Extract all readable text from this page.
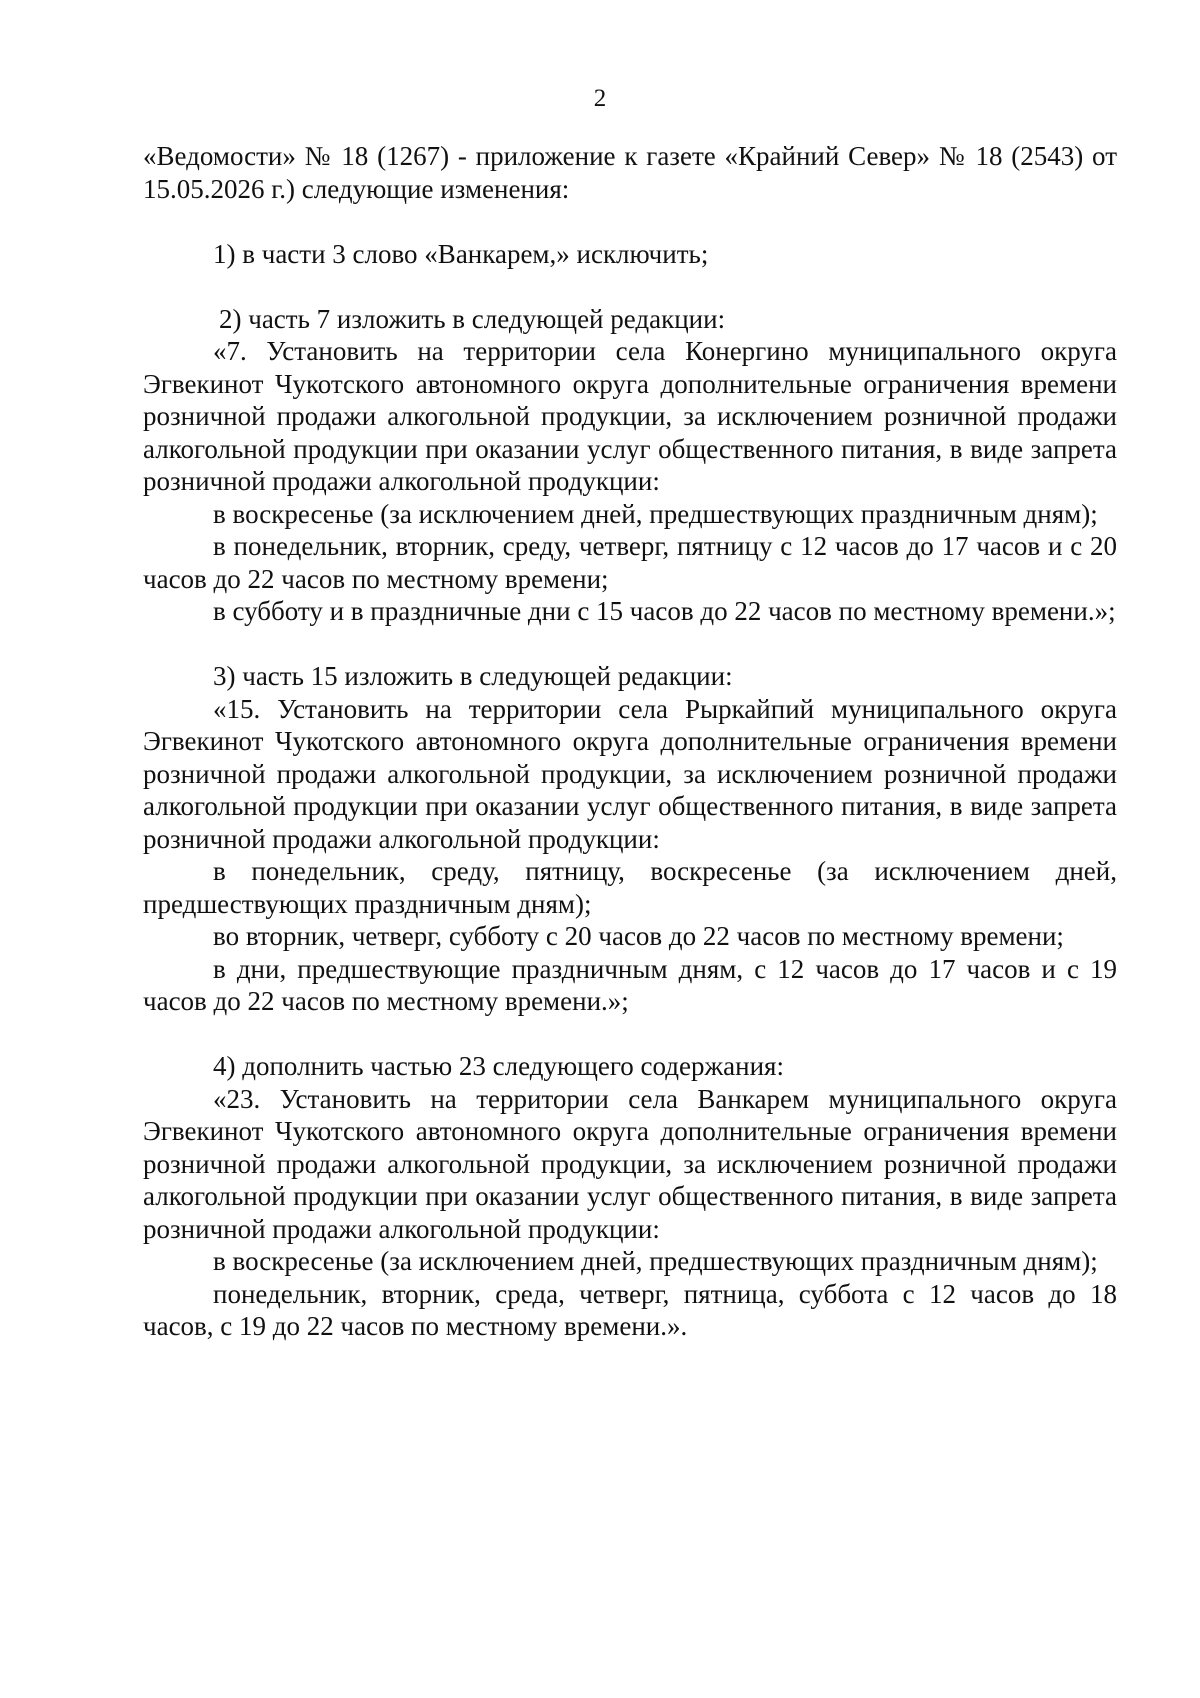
2

«Ведомости» № 18 (1267) - приложение к газете «Крайний Север» № 18 (2543) от 15.05.2026 г.) следующие изменения:

1) в части 3 слово «Ванкарем,» исключить;

2) часть 7 изложить в следующей редакции:

«7. Установить на территории села Конергино муниципального округа Эгвекинот Чукотского автономного округа дополнительные ограничения времени розничной продажи алкогольной продукции, за исключением розничной продажи алкогольной продукции при оказании услуг общественного питания, в виде запрета розничной продажи алкогольной продукции:

в воскресенье (за исключением дней, предшествующих праздничным дням);

в понедельник, вторник, среду, четверг, пятницу с 12 часов до 17 часов и с 20 часов до 22 часов по местному времени;

в субботу и в праздничные дни с 15 часов до 22 часов по местному времени.»;

3) часть 15 изложить в следующей редакции:

«15. Установить на территории села Рыркайпий муниципального округа Эгвекинот Чукотского автономного округа дополнительные ограничения времени розничной продажи алкогольной продукции, за исключением розничной продажи алкогольной продукции при оказании услуг общественного питания, в виде запрета розничной продажи алкогольной продукции:

в понедельник, среду, пятницу, воскресенье (за исключением дней, предшествующих праздничным дням);

во вторник, четверг, субботу с 20 часов до 22 часов по местному времени;

в дни, предшествующие праздничным дням, с 12 часов до 17 часов и с 19 часов до 22 часов по местному времени.»;

4) дополнить частью 23 следующего содержания:

«23. Установить на территории села Ванкарем муниципального округа Эгвекинот Чукотского автономного округа дополнительные ограничения времени розничной продажи алкогольной продукции, за исключением розничной продажи алкогольной продукции при оказании услуг общественного питания, в виде запрета розничной продажи алкогольной продукции:

в воскресенье (за исключением дней, предшествующих праздничным дням);

понедельник, вторник, среда, четверг, пятница, суббота с 12 часов до 18 часов, с 19 до 22 часов по местному времени.».
